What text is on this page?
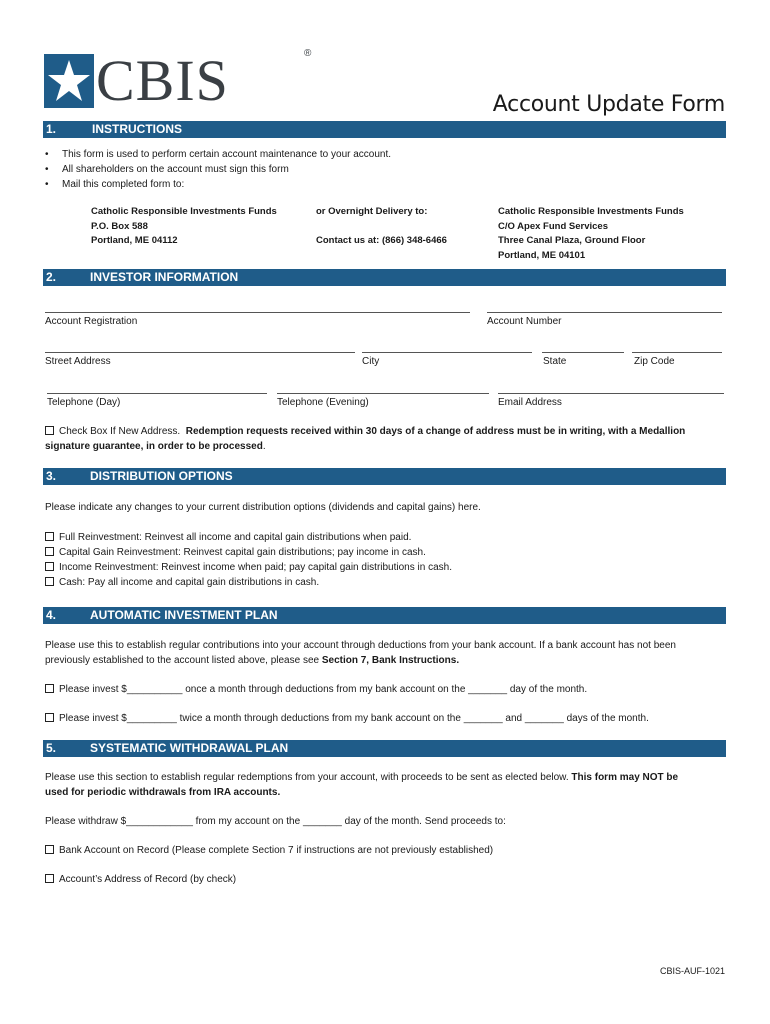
CBIS	®
Account Update Form
1.	INSTRUCTIONS
• This form is used to perform certain account maintenance to your account.
• All shareholders on the account must sign this form
• Mail this completed form to:
Catholic Responsible Investments Funds
P.O. Box 588
Portland, ME 04112
or Overnight Delivery to:
Contact us at: (866) 348-6466
Catholic Responsible Investments Funds
C/O Apex Fund Services
Three Canal Plaza, Ground Floor
Portland, ME 04101
2.	INVESTOR INFORMATION
Account Registration	Account Number
Street Address	City	State	Zip Code
Telephone (Day)	Telephone (Evening)	Email Address
Check Box If New Address. Redemption requests received within 30 days of a change of address must be in writing, with a Medallion
signature guarantee, in order to be processed.
3.	DISTRIBUTION OPTIONS
Please indicate any changes to your current distribution options (dividends and capital gains) here.
Full Reinvestment: Reinvest all income and capital gain distributions when paid.
Capital Gain Reinvestment: Reinvest capital gain distributions; pay income in cash.
Income Reinvestment: Reinvest income when paid; pay capital gain distributions in cash.
Cash: Pay all income and capital gain distributions in cash.
4.	AUTOMATIC INVESTMENT PLAN
Please use this to establish regular contributions into your account through deductions from your bank account. If a bank account has not been
previously established to the account listed above, please see Section 7, Bank Instructions.
Please invest $__________ once a month through deductions from my bank account on the _______ day of the month.
Please invest $_________ twice a month through deductions from my bank account on the _______ and _______ days of the month.
5.	SYSTEMATIC WITHDRAWAL PLAN
Please use this section to establish regular redemptions from your account, with proceeds to be sent as elected below. This form may NOT be
used for periodic withdrawals from IRA accounts.
Please withdraw $____________ from my account on the _______ day of the month. Send proceeds to:
Bank Account on Record (Please complete Section 7 if instructions are not previously established)
Account’s Address of Record (by check)
CBIS-AUF-1021
